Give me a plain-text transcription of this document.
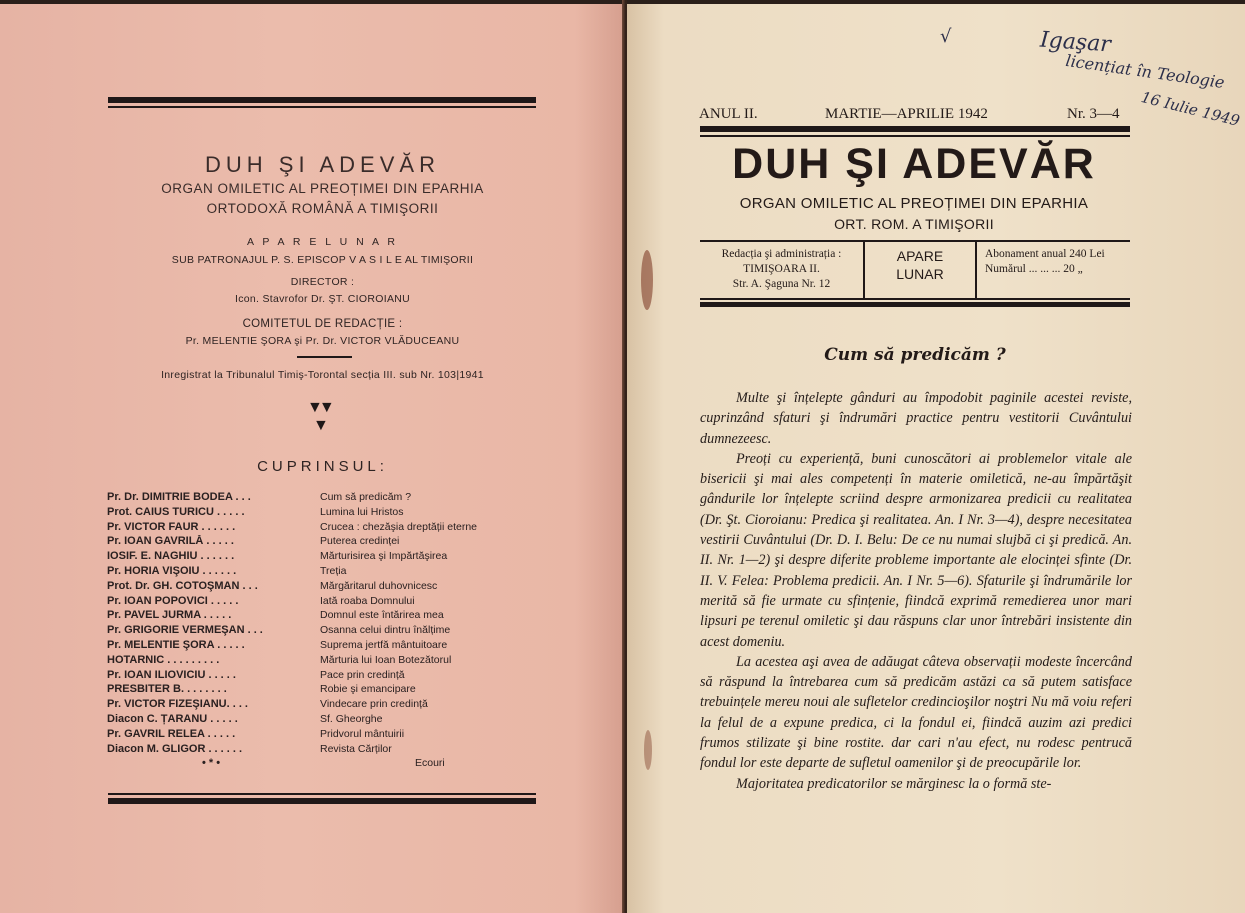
DUH ŞI ADEVĂR
ORGAN OMILETIC AL PREOȚIMEI DIN EPARHIA
ORTODOXĂ ROMÂNĂ A TIMIŞORII
A P A R E L U N A R
SUB PATRONAJUL P. S. EPISCOP V A S I L E AL TIMIŞORII
DIRECTOR :
Icon. Stavrofor Dr. ŞT. CIOROIANU
COMITETUL DE REDACȚIE :
Pr. MELENTIE ŞORA şi Pr. Dr. VICTOR VLĂDUCEANU
Inregistrat la Tribunalul Timiş-Torontal secția III. sub Nr. 103|1941
▼▼
▼
CUPRINSUL:
Pr. Dr. DIMITRIE BODEA . . .	Cum să predicăm ?
Prot. CAIUS TURICU . . . . .	Lumina lui Hristos
Pr. VICTOR FAUR . . . . . .	Crucea : chezăşia dreptății eterne
Pr. IOAN GAVRILĂ . . . . .	Puterea credinței
IOSIF. E. NAGHIU . . . . . .	Mărturisirea şi Impărtăşirea
Pr. HORIA VIŞOIU . . . . . .	Treția
Prot. Dr. GH. COTOŞMAN . . .	Mărgăritarul duhovnicesc
Pr. IOAN POPOVICI . . . . .	Iată roaba Domnului
Pr. PAVEL JURMA . . . . .	Domnul este întărirea mea
Pr. GRIGORIE VERMEŞAN . . .	Osanna celui dintru înălțime
Pr. MELENTIE ŞORA . . . . .	Suprema jertfă mântuitoare
HOTARNIC . . . . . . . . .	Mărturia lui Ioan Botezătorul
Pr. IOAN ILIOVICIU . . . . .	Pace prin credință
PRESBITER B. . . . . . . .	Robie şi emancipare
Pr. VICTOR FIZEŞIANU. . . .	Vindecare prin credință
Diacon C. ȚARANU . . . . .	Sf. Gheorghe
Pr. GAVRIL RELEA . . . . .	Pridvorul mântuirii
Diacon M. GLIGOR . . . . . .	Revista Cărților
• * •	Ecouri
√	Igaşar
licențiat în Teologie
16 Iulie 1949
ANUL II.	MARTIE—APRILIE 1942	Nr. 3—4
DUH ŞI ADEVĂR
ORGAN OMILETIC AL PREOȚIMEI DIN EPARHIA
ORT. ROM. A TIMIŞORII
Redacția şi administrația :
TIMIŞOARA II.
Str. A. Şaguna Nr. 12
APARE
LUNAR
Abonament anual 240 Lei
Numărul ... ... ... 20 „
Cum să predicăm ?

Multe şi înțelepte gânduri au împodobit paginile acestei reviste, cuprinzând sfaturi şi îndrumări practice pentru vestitorii Cuvântului dumnezeesc.

Preoți cu experiență, buni cunoscători ai problemelor vitale ale bisericii şi mai ales competenți în materie omiletică, ne-au împărtăşit gândurile lor înțelepte scriind despre armonizarea predicii cu realitatea (Dr. Şt. Cioroianu: Predica şi realitatea. An. I Nr. 3—4), despre necesitatea vestirii Cuvântului (Dr. D. I. Belu: De ce nu numai slujbă ci şi predică. An. II. Nr. 1—2) şi despre diferite probleme importante ale elocinței sfinte (Dr. II. V. Felea: Problema predicii. An. I Nr. 5—6). Sfaturile şi îndrumările lor merită să fie urmate cu sfințenie, fiindcă exprimă remedierea unor mari lipsuri pe terenul omiletic şi dau răspuns clar unor întrebări insistente din acest domeniu.

La acestea aşi avea de adăugat câteva observații modeste încercând să răspund la întrebarea cum să predicăm astăzi ca să putem satisface trebuințele mereu noui ale sufletelor credincioşilor noştri Nu mă voiu referi la felul de a expune predica, ci la fondul ei, fiindcă auzim azi predici frumos stilizate şi bine rostite. dar cari n'au efect, nu rodesc pentrucă fondul lor este departe de sufletul oamenilor şi de preocupările lor.

Majoritatea predicatorilor se mărginesc la o formă ste-
